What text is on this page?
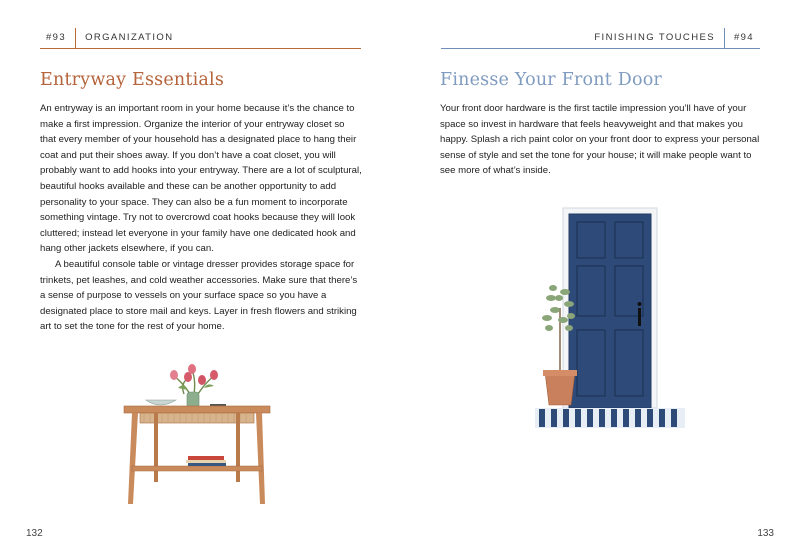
#93	ORGANIZATION
Entryway Essentials

An entryway is an important room in your home because it’s the chance to make a first impression. Organize the interior of your entryway closet so that every member of your household has a designated place to hang their coat and put their shoes away. If you don’t have a coat closet, you will probably want to add hooks into your entryway. There are a lot of sculptural, beautiful hooks available and these can be another opportunity to add personality to your space. They can also be a fun moment to incorporate something vintage. Try not to overcrowd coat hooks because they will look cluttered; instead let everyone in your family have one dedicated hook and hang other jackets elsewhere, if you can.

A beautiful console table or vintage dresser provides storage space for trinkets, pet leashes, and cold weather accessories. Make sure that there’s a sense of purpose to vessels on your surface space so you have a designated place to store mail and keys. Layer in fresh flowers and striking art to set the tone for the rest of your home.

132
FINISHING TOUCHES	#94
Finesse Your Front Door

Your front door hardware is the first tactile impression you’ll have of your space so invest in hardware that feels heavyweight and that makes you happy. Splash a rich paint color on your front door to express your personal sense of style and set the tone for your house; it will make people want to see more of what’s inside.

133
